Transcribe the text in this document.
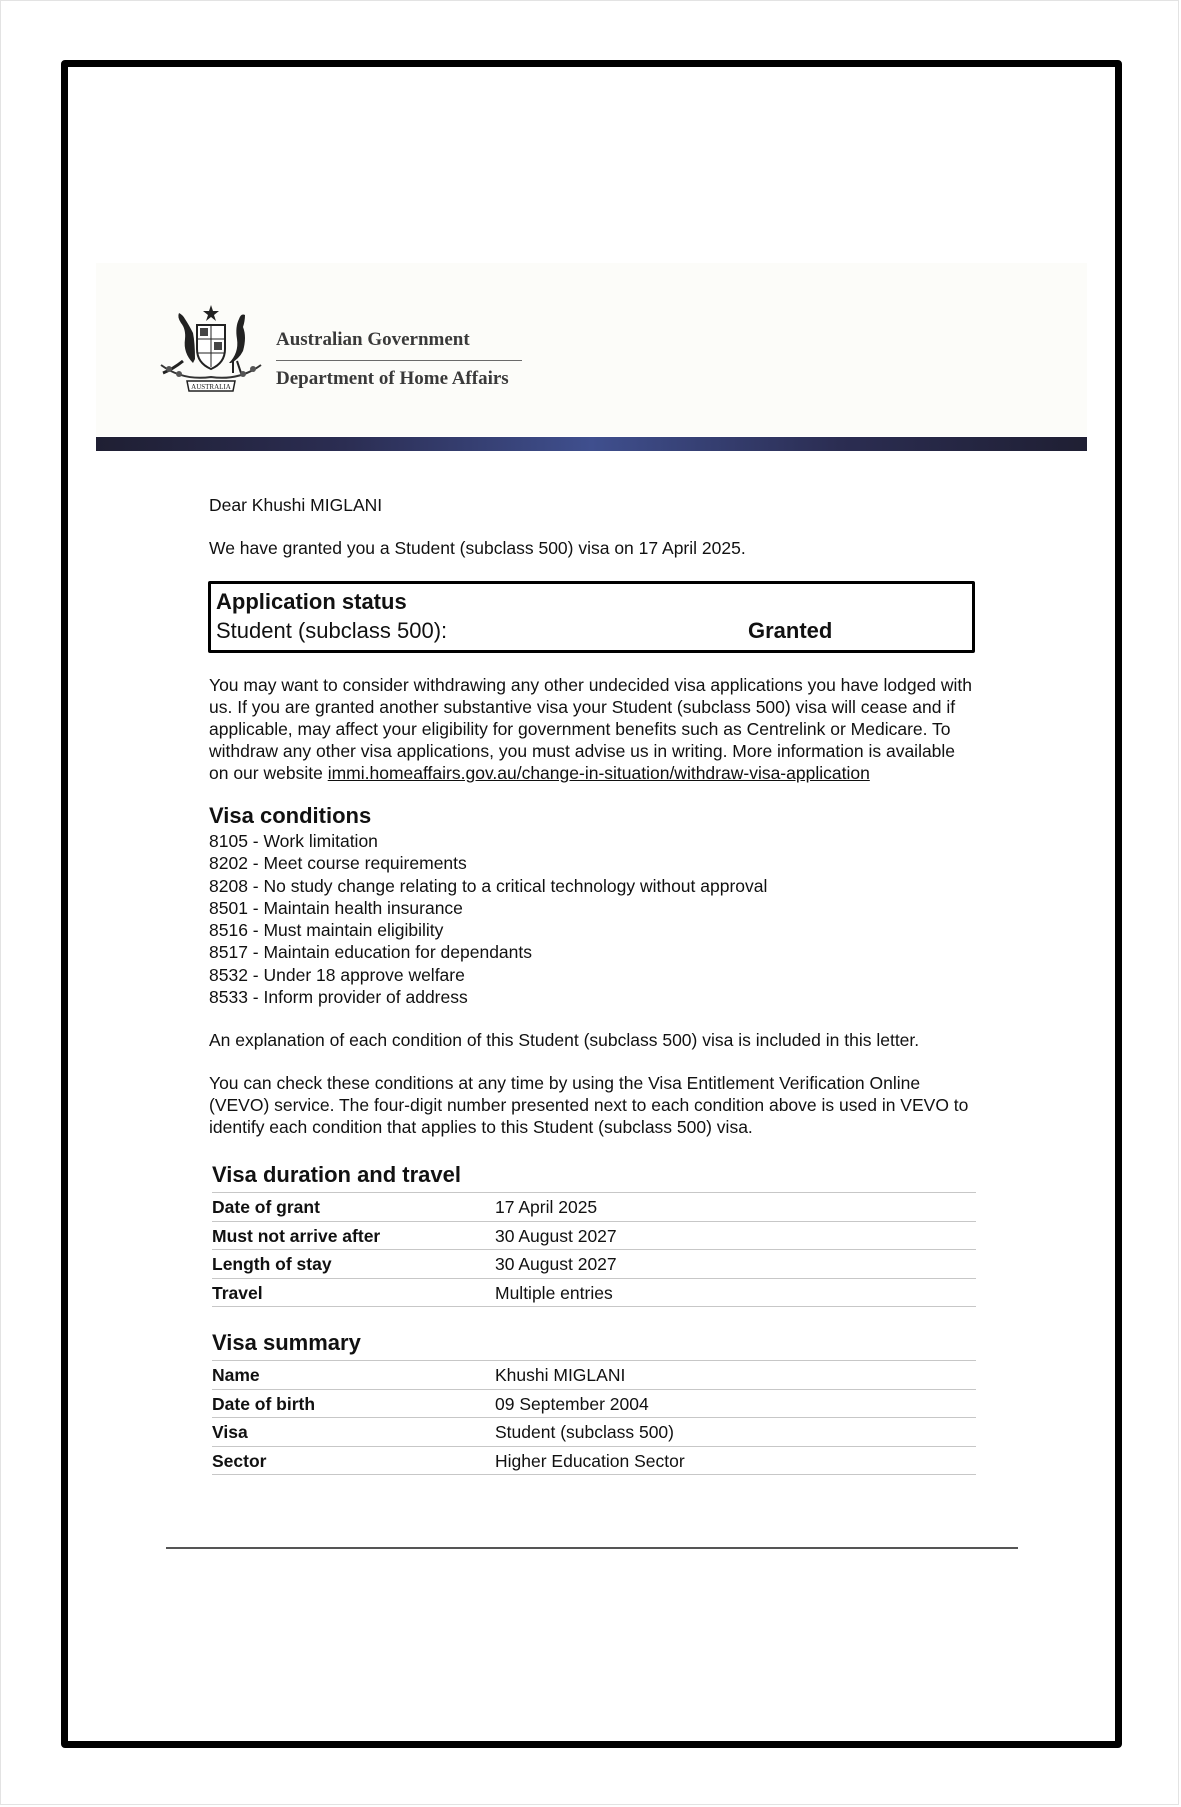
AUSTRALIA
Australian Government
Department of Home Affairs

Dear Khushi MIGLANI

We have granted you a Student (subclass 500) visa on 17 April 2025.

Application status
Student (subclass 500):	Granted

You may want to consider withdrawing any other undecided visa applications you have lodged with us. If you are granted another substantive visa your Student (subclass 500) visa will cease and if applicable, may affect your eligibility for government benefits such as Centrelink or Medicare. To withdraw any other visa applications, you must advise us in writing. More information is available on our website immi.homeaffairs.gov.au/change-in-situation/withdraw-visa-application

Visa conditions
8105 - Work limitation
8202 - Meet course requirements
8208 - No study change relating to a critical technology without approval
8501 - Maintain health insurance
8516 - Must maintain eligibility
8517 - Maintain education for dependants
8532 - Under 18 approve welfare
8533 - Inform provider of address

An explanation of each condition of this Student (subclass 500) visa is included in this letter.

You can check these conditions at any time by using the Visa Entitlement Verification Online (VEVO) service. The four-digit number presented next to each condition above is used in VEVO to identify each condition that applies to this Student (subclass 500) visa.

Visa duration and travel
Date of grant	17 April 2025
Must not arrive after	30 August 2027
Length of stay	30 August 2027
Travel	Multiple entries
Visa summary
Name	Khushi MIGLANI
Date of birth	09 September 2004
Visa	Student (subclass 500)
Sector	Higher Education Sector
